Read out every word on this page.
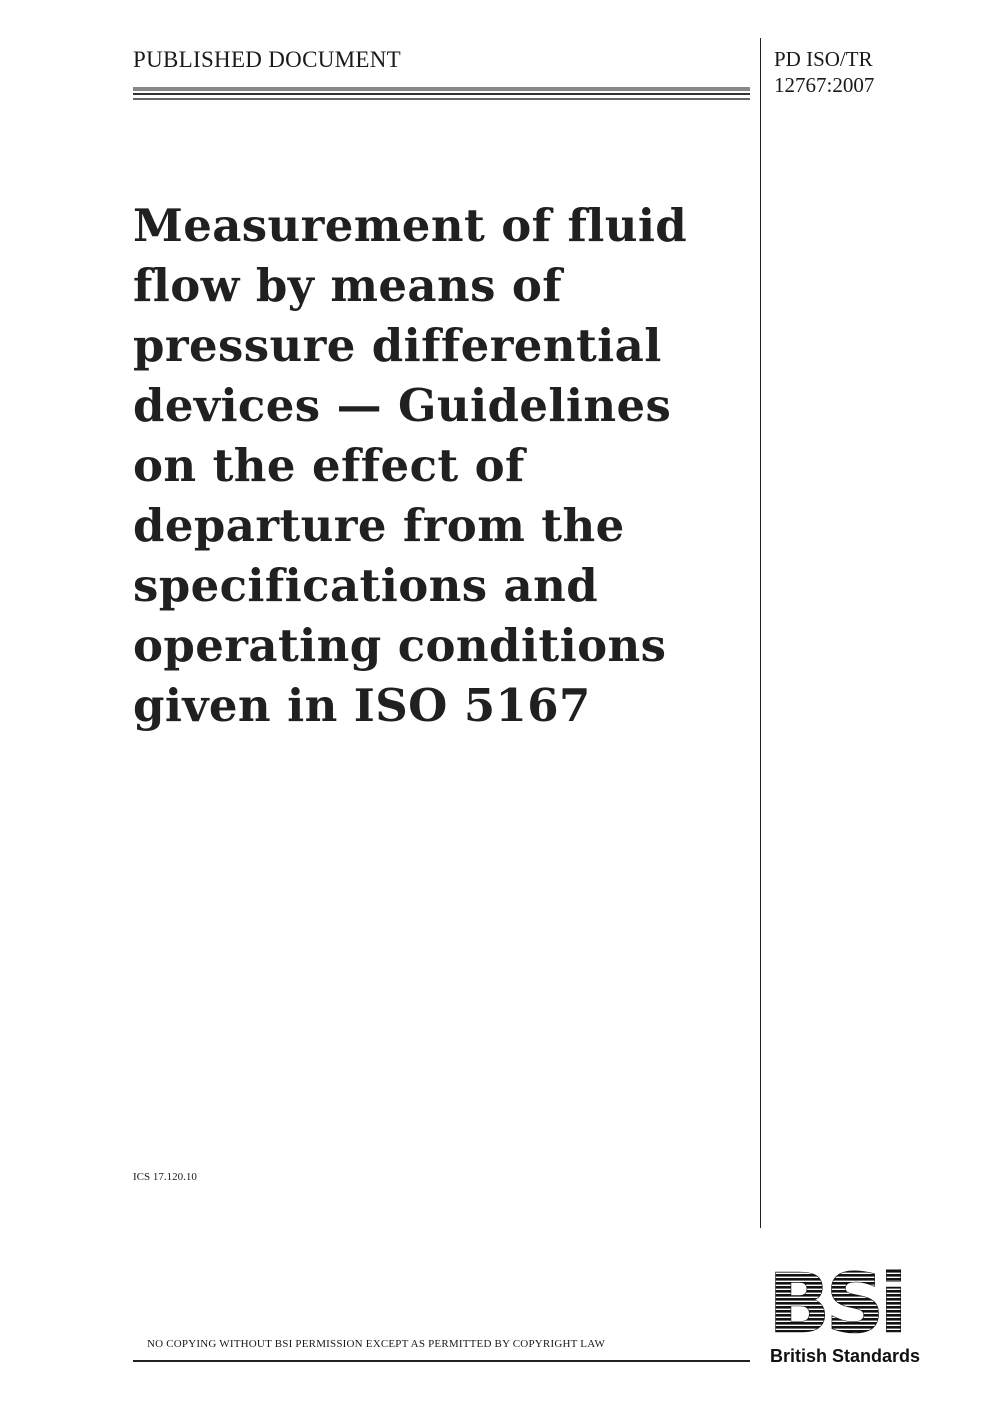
PUBLISHED DOCUMENT	PD ISO/TR
12767:2007
Measurement of fluid
flow by means of
pressure differential
devices — Guidelines
on the effect of
departure from the
specifications and
operating conditions
given in ISO 5167
ICS 17.120.10
NO COPYING WITHOUT BSI PERMISSION EXCEPT AS PERMITTED BY COPYRIGHT LAW BSi
British Standards
